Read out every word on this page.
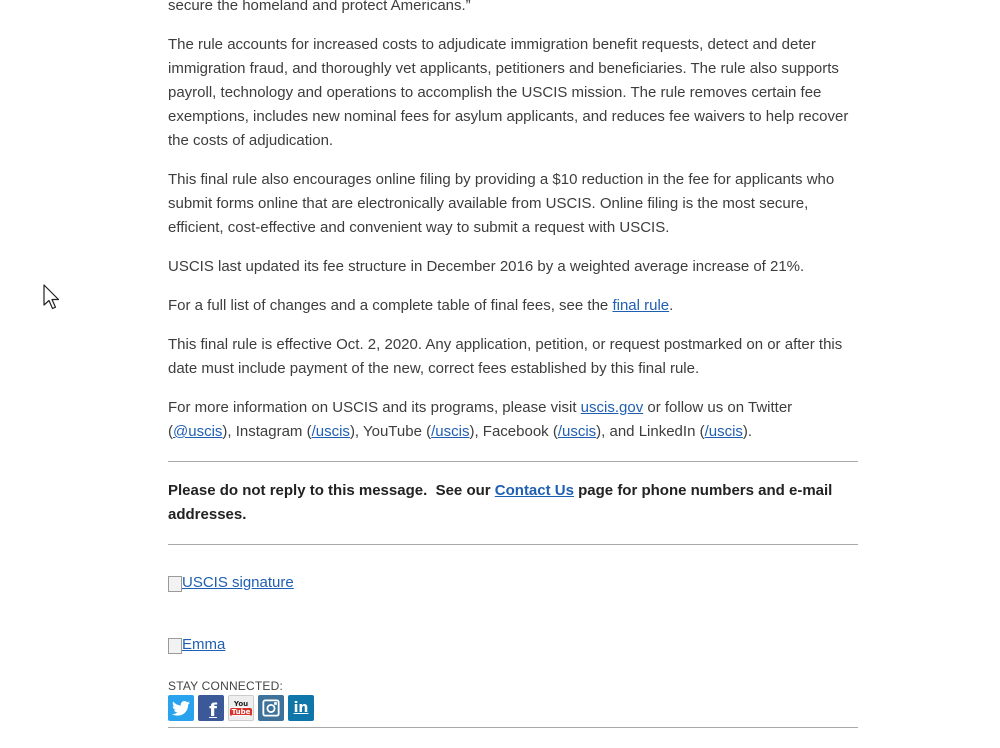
secure the homeland and protect Americans.”

The rule accounts for increased costs to adjudicate immigration benefit requests, detect and deter immigration fraud, and thoroughly vet applicants, petitioners and beneficiaries. The rule also supports payroll, technology and operations to accomplish the USCIS mission. The rule removes certain fee exemptions, includes new nominal fees for asylum applicants, and reduces fee waivers to help recover the costs of adjudication.

This final rule also encourages online filing by providing a $10 reduction in the fee for applicants who submit forms online that are electronically available from USCIS. Online filing is the most secure, efficient, cost-effective and convenient way to submit a request with USCIS.

USCIS last updated its fee structure in December 2016 by a weighted average increase of 21%.

For a full list of changes and a complete table of final fees, see the final rule.

This final rule is effective Oct. 2, 2020. Any application, petition, or request postmarked on or after this date must include payment of the new, correct fees established by this final rule.

For more information on USCIS and its programs, please visit uscis.gov or follow us on Twitter (@uscis), Instagram (/uscis), YouTube (/uscis), Facebook (/uscis), and LinkedIn (/uscis).

Please do not reply to this message.  See our Contact Us page for phone numbers and e-mail addresses.

USCIS signature
Emma
STAY CONNECTED:
f You
Tube	in
